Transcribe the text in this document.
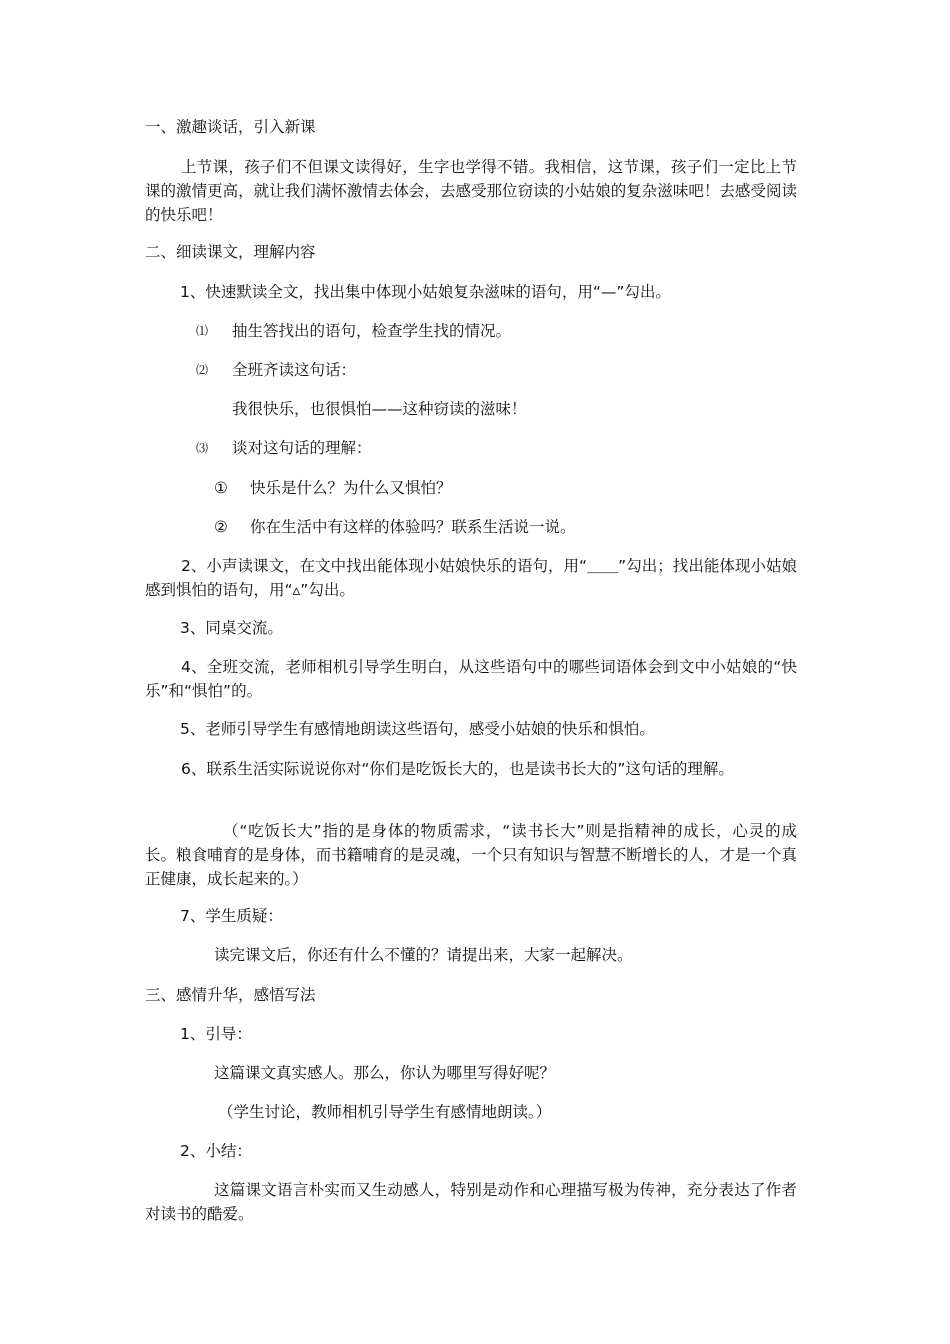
一、激趣谈话，引入新课

上节课，孩子们不但课文读得好，生字也学得不错。我相信，这节课，孩子们一定比上节课的激情更高，就让我们满怀激情去体会，去感受那位窃读的小姑娘的复杂滋味吧！去感受阅读的快乐吧！

二、细读课文，理解内容

1、快速默读全文，找出集中体现小姑娘复杂滋味的语句，用“—”勾出。

⑴ 抽生答找出的语句，检查学生找的情况。
⑵ 全班齐读这句话：
我很快乐，也很惧怕——这种窃读的滋味！
⑶ 谈对这句话的理解：
① 快乐是什么？为什么又惧怕？
② 你在生活中有这样的体验吗？联系生活说一说。

2、小声读课文，在文中找出能体现小姑娘快乐的语句，用“＿＿”勾出；找出能体现小姑娘感到惧怕的语句，用“▵”勾出。

3、同桌交流。

4、全班交流，老师相机引导学生明白，从这些语句中的哪些词语体会到文中小姑娘的“快乐”和“惧怕”的。

5、老师引导学生有感情地朗读这些语句，感受小姑娘的快乐和惧怕。

6、联系生活实际说说你对“你们是吃饭长大的，也是读书长大的”这句话的理解。

（“吃饭长大”指的是身体的物质需求，“读书长大”则是指精神的成长，心灵的成长。粮食哺育的是身体，而书籍哺育的是灵魂，一个只有知识与智慧不断增长的人，才是一个真正健康，成长起来的。）

7、学生质疑：

读完课文后，你还有什么不懂的？请提出来，大家一起解决。

三、感情升华，感悟写法

1、引导：

这篇课文真实感人。那么，你认为哪里写得好呢？

（学生讨论，教师相机引导学生有感情地朗读。）

2、小结：

这篇课文语言朴实而又生动感人，特别是动作和心理描写极为传神，充分表达了作者对读书的酷爱。
